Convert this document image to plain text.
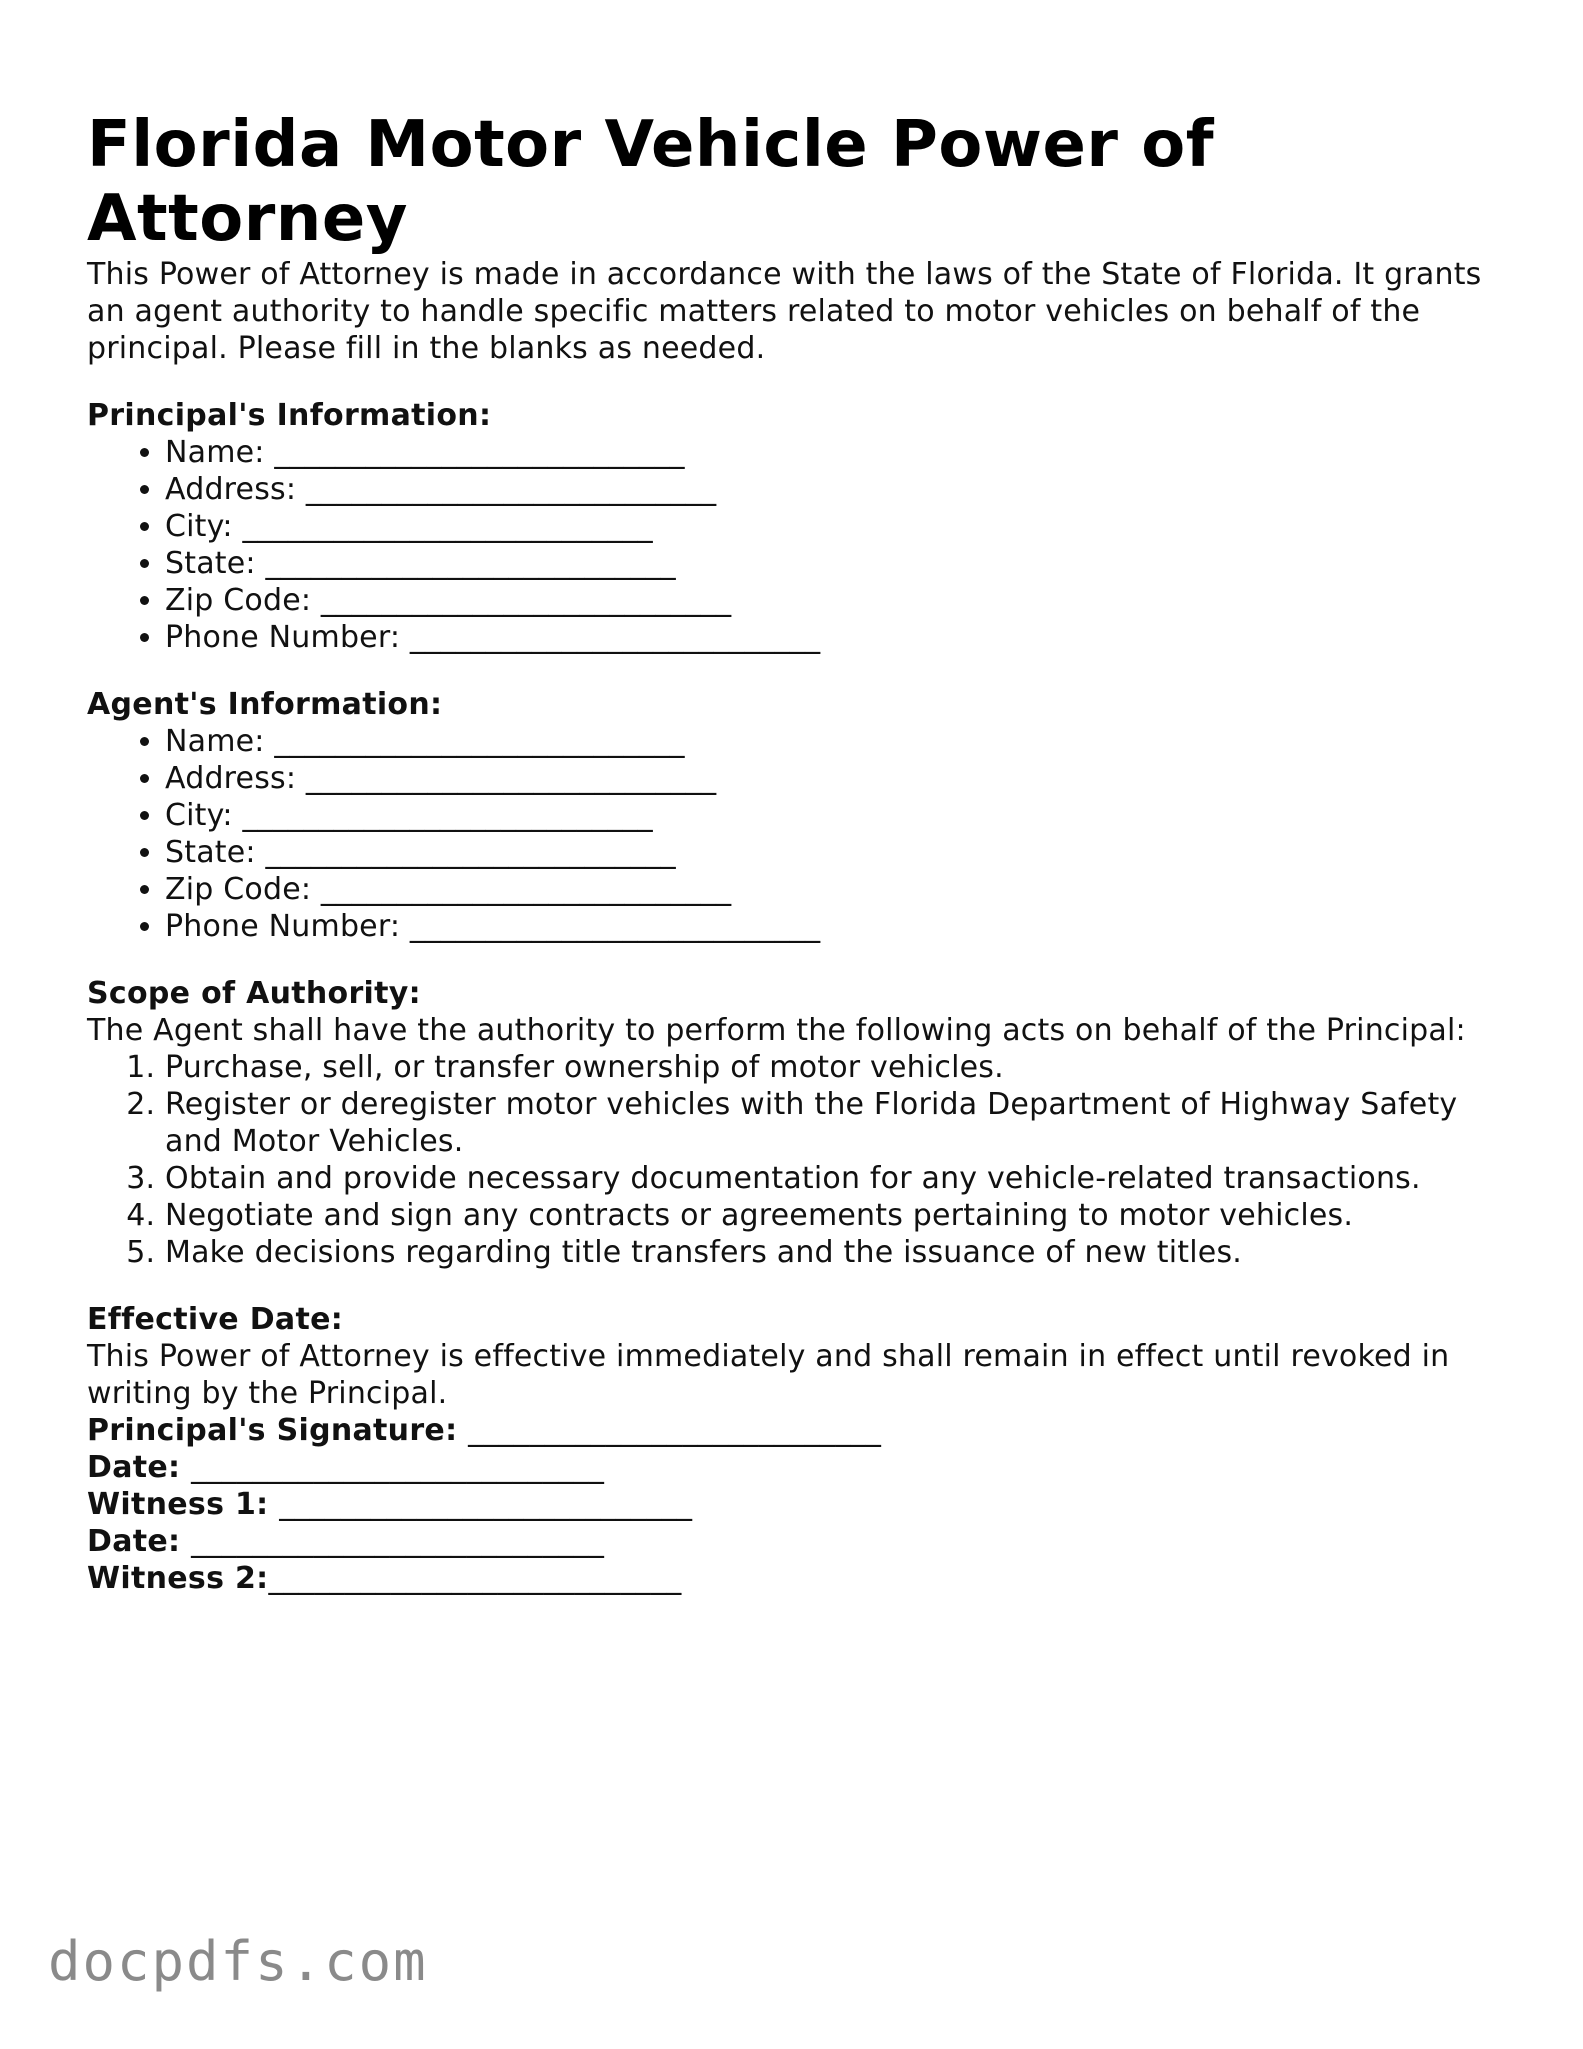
Florida Motor Vehicle Power of Attorney

This Power of Attorney is made in accordance with the laws of the State of Florida. It grants an agent authority to handle specific matters related to motor vehicles on behalf of the principal. Please fill in the blanks as needed.

Principal's Information:

• Name: ___________________________
• Address: ___________________________
• City: ___________________________
• State: ___________________________
• Zip Code: ___________________________
• Phone Number: ___________________________

Agent's Information:

• Name: ___________________________
• Address: ___________________________
• City: ___________________________
• State: ___________________________
• Zip Code: ___________________________
• Phone Number: ___________________________

Scope of Authority:

The Agent shall have the authority to perform the following acts on behalf of the Principal:

1. Purchase, sell, or transfer ownership of motor vehicles.
2. Register or deregister motor vehicles with the Florida Department of Highway Safety and Motor Vehicles.
3. Obtain and provide necessary documentation for any vehicle-related transactions.
4. Negotiate and sign any contracts or agreements pertaining to motor vehicles.
5. Make decisions regarding title transfers and the issuance of new titles.

Effective Date:

This Power of Attorney is effective immediately and shall remain in effect until revoked in writing by the Principal.

Principal's Signature: ___________________________

Date: ___________________________

Witness 1: ___________________________

Date: ___________________________

Witness 2:___________________________

docpdfs.com
